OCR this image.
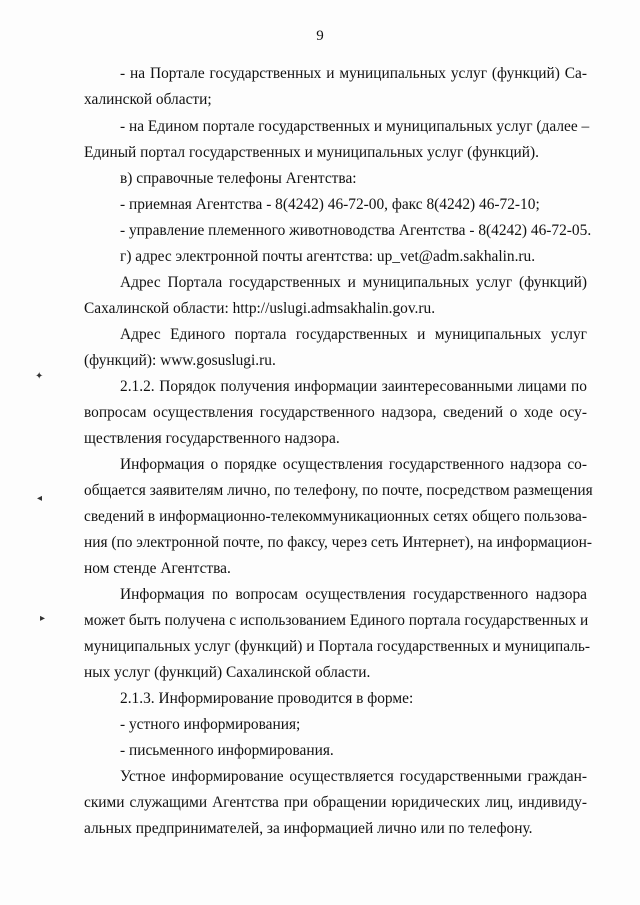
9
- на Портале государственных и муниципальных услуг (функций) Са-
халинской области;
- на Едином портале государственных и муниципальных услуг (далее –
Единый портал государственных и муниципальных услуг (функций).
в) справочные телефоны Агентства:
- приемная Агентства - 8(4242) 46-72-00, факс 8(4242) 46-72-10;
- управление племенного животноводства Агентства - 8(4242) 46-72-05.
г) адрес электронной почты агентства: up_vet@adm.sakhalin.ru.
Адрес Портала государственных и муниципальных услуг (функций)
Сахалинской области: http://uslugi.admsakhalin.gov.ru.
Адрес Единого портала государственных и муниципальных услуг
(функций): www.gosuslugi.ru.
2.1.2. Порядок получения информации заинтересованными лицами по
вопросам осуществления государственного надзора, сведений о ходе осу-
ществления государственного надзора.
Информация о порядке осуществления государственного надзора со-
общается заявителям лично, по телефону, по почте, посредством размещения
сведений в информационно-телекоммуникационных сетях общего пользова-
ния (по электронной почте, по факсу, через сеть Интернет), на информацион-
ном стенде Агентства.
Информация по вопросам осуществления государственного надзора
может быть получена с использованием Единого портала государственных и
муниципальных услуг (функций) и Портала государственных и муниципаль-
ных услуг (функций) Сахалинской области.
2.1.3. Информирование проводится в форме:
- устного информирования;
- письменного информирования.
Устное информирование осуществляется государственными граждан-
скими служащими Агентства при обращении юридических лиц, индивиду-
альных предпринимателей, за информацией лично или по телефону.
✦
◂
▸
